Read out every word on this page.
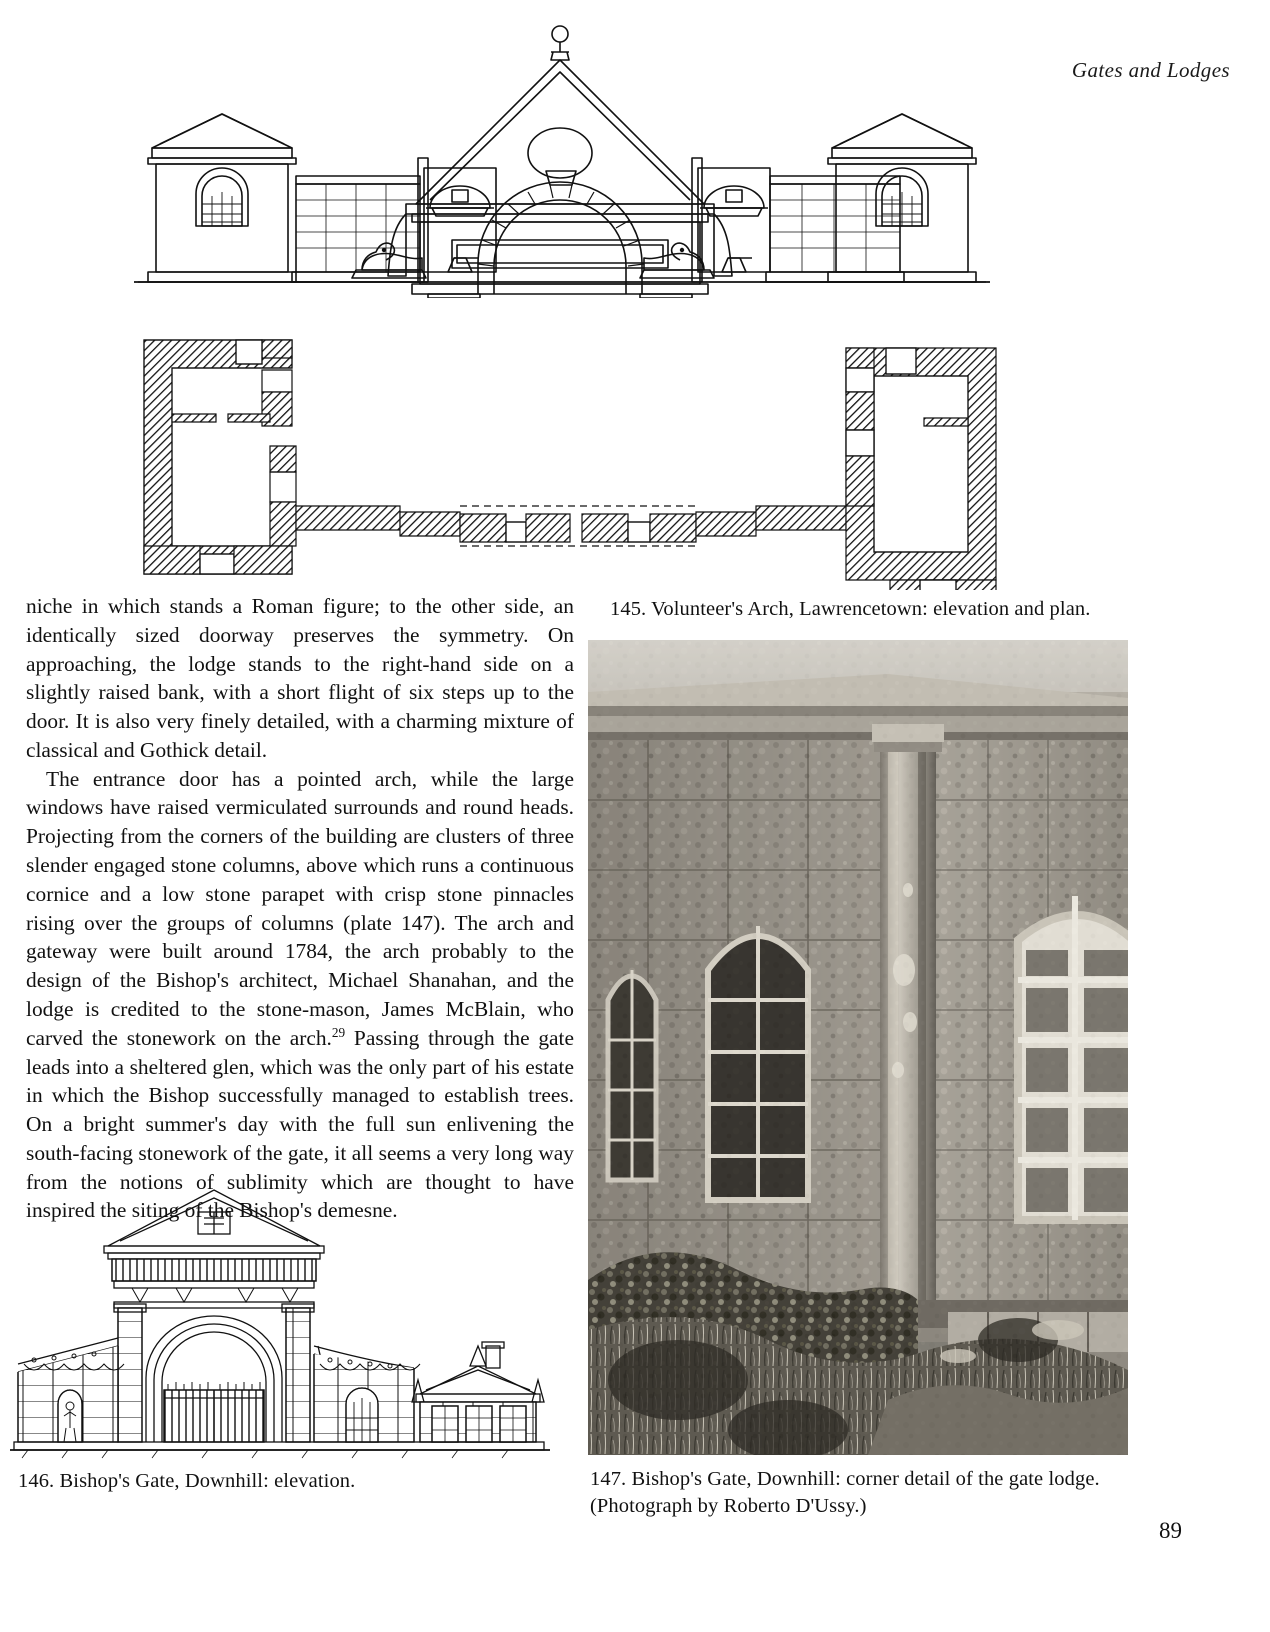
Gates and Lodges
145. Volunteer's Arch, Lawrencetown: elevation and plan.

niche in which stands a Roman figure; to the other side, an identically sized doorway preserves the symmetry. On approaching, the lodge stands to the right-hand side on a slightly raised bank, with a short flight of six steps up to the door. It is also very finely detailed, with a charming mixture of classical and Gothick detail.

The entrance door has a pointed arch, while the large windows have raised vermiculated surrounds and round heads. Projecting from the corners of the building are clusters of three slender engaged stone columns, above which runs a continuous cornice and a low stone parapet with crisp stone pinnacles rising over the groups of columns (plate 147). The arch and gateway were built around 1784, the arch probably to the design of the Bishop's architect, Michael Shanahan, and the lodge is credited to the stone-mason, James McBlain, who carved the stonework on the arch.$^{29}$ Passing through the gate leads into a sheltered glen, which was the only part of his estate in which the Bishop successfully managed to establish trees. On a bright summer's day with the full sun enlivening the south-facing stonework of the gate, it all seems a very long way from the notions of sublimity which are thought to have inspired the siting of the Bishop's demesne.

146. Bishop's Gate, Downhill: elevation.	147. Bishop's Gate, Downhill: corner detail of the gate lodge.
(Photograph by Roberto D'Ussy.)
89
